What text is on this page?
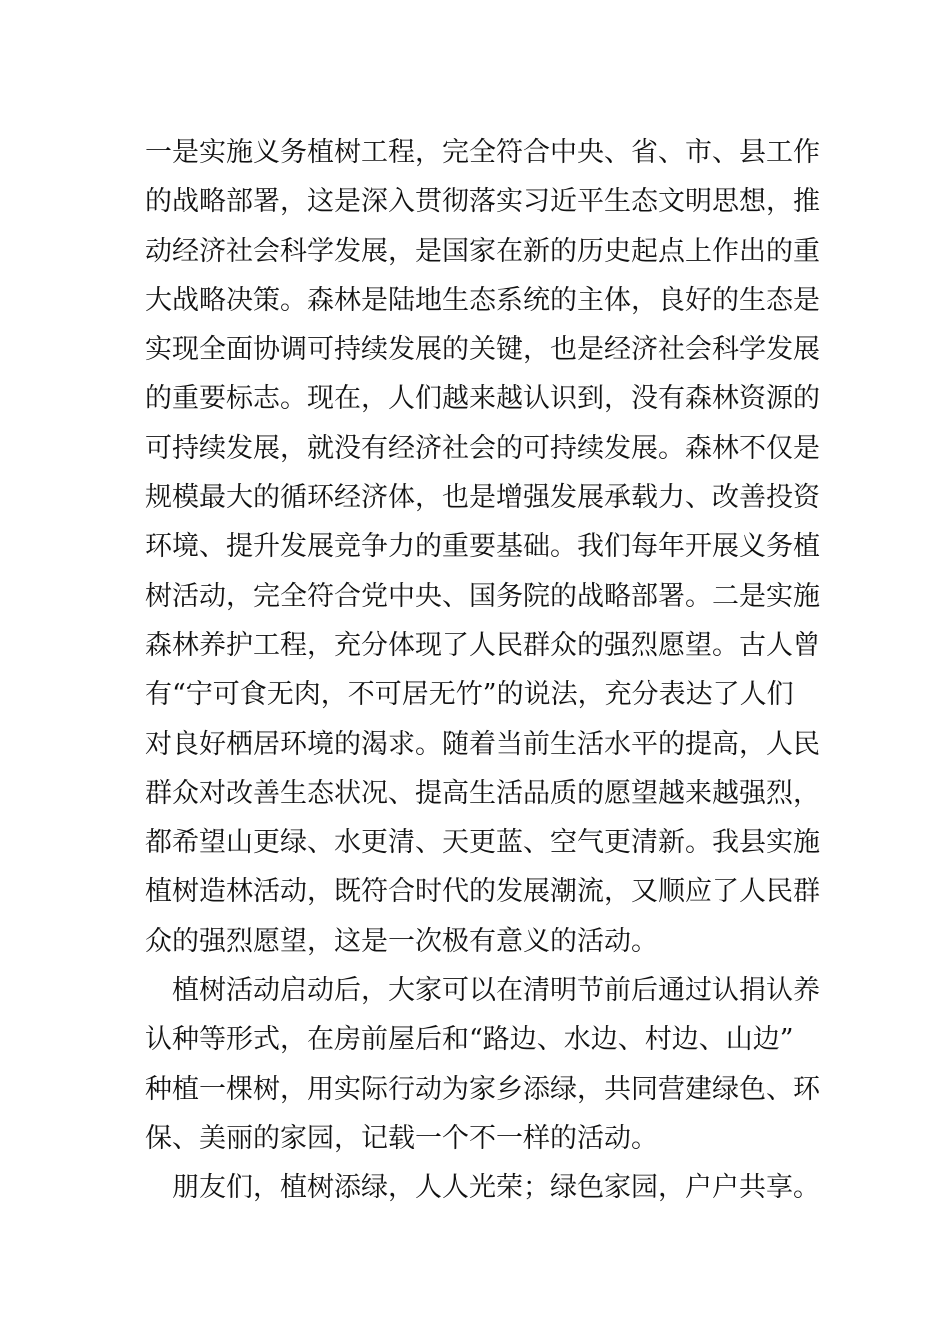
一是实施义务植树工程，完全符合中央、省、市、县工作
的战略部署，这是深入贯彻落实习近平生态文明思想，推
动经济社会科学发展，是国家在新的历史起点上作出的重
大战略决策。森林是陆地生态系统的主体，良好的生态是
实现全面协调可持续发展的关键，也是经济社会科学发展
的重要标志。现在，人们越来越认识到，没有森林资源的
可持续发展，就没有经济社会的可持续发展。森林不仅是
规模最大的循环经济体，也是增强发展承载力、改善投资
环境、提升发展竞争力的重要基础。我们每年开展义务植
树活动，完全符合党中央、国务院的战略部署。二是实施
森林养护工程，充分体现了人民群众的强烈愿望。古人曾
有“宁可食无肉，不可居无竹”的说法，充分表达了人们
对良好栖居环境的渴求。随着当前生活水平的提高，人民
群众对改善生态状况、提高生活品质的愿望越来越强烈，
都希望山更绿、水更清、天更蓝、空气更清新。我县实施
植树造林活动，既符合时代的发展潮流，又顺应了人民群
众的强烈愿望，这是一次极有意义的活动。
　植树活动启动后，大家可以在清明节前后通过认捐认养
认种等形式，在房前屋后和“路边、水边、村边、山边”
种植一棵树，用实际行动为家乡添绿，共同营建绿色、环
保、美丽的家园，记载一个不一样的活动。
　朋友们，植树添绿，人人光荣；绿色家园，户户共享。
